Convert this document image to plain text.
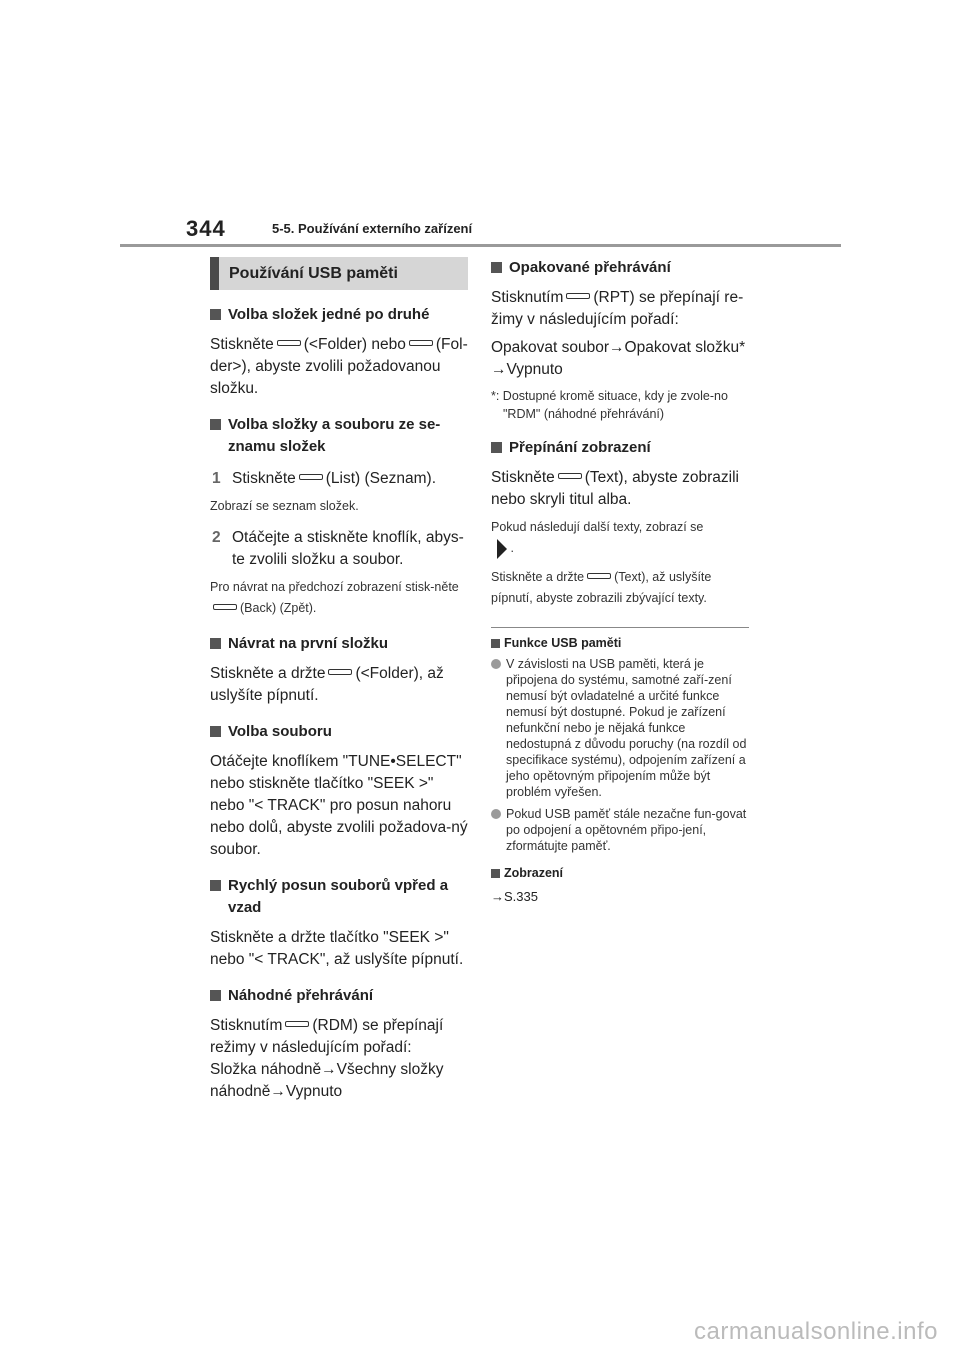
344	5-5. Používání externího zařízení
Používání USB paměti
Volba složek jedné po druhé

Stiskněte (<Folder) nebo (Fol-der>), abyste zvolili požadovanou složku.

Volba složky a souboru ze se-znamu složek
1 Stiskněte (List) (Seznam).

Zobrazí se seznam složek.

2 Otáčejte a stiskněte knoflík, abys-te zvolili složku a soubor.

Pro návrat na předchozí zobrazení stisk-něte(Back) (Zpět).

Návrat na první složku

Stiskněte a držte (<Folder), až uslyšíte pípnutí.

Volba souboru

Otáčejte knoflíkem "TUNE•SELECT" nebo stiskněte tlačítko "SEEK >" nebo "< TRACK" pro posun nahoru nebo dolů, abyste zvolili požadova-ný soubor.

Rychlý posun souborů vpřed a vzad

Stiskněte a držte tlačítko "SEEK >" nebo "< TRACK", až uslyšíte pípnutí.

Náhodné přehrávání

Stisknutím (RDM) se přepínají režimy v následujícím pořadí:
Složka náhodně→Všechny složky náhodně→Vypnuto

Opakované přehrávání

Stisknutím (RPT) se přepínají re-žimy v následujícím pořadí:

Opakovat soubor→Opakovat složku*
→Vypnuto

*: Dostupné kromě situace, kdy je zvole-no "RDM" (náhodné přehrávání)

Přepínání zobrazení

Stiskněte (Text), abyste zobrazili nebo skryli titul alba.

Pokud následují další texty, zobrazí se
.

Stiskněte a držte (Text), až uslyšíte pípnutí, abyste zobrazili zbývající texty.

Funkce USB paměti
V závislosti na USB paměti, která je připojena do systému, samotné zaří-zení nemusí být ovladatelné a určité funkce nemusí být dostupné. Pokud je zařízení nefunkční nebo je nějaká funkce nedostupná z důvodu poruchy (na rozdíl od specifikace systému), odpojením zařízení a jeho opětovným připojením může být problém vyřešen.
Pokud USB paměť stále nezačne fun-govat po odpojení a opětovném připo-jení, zformátujte paměť.
Zobrazení
→S.335
carmanualsonline.info
